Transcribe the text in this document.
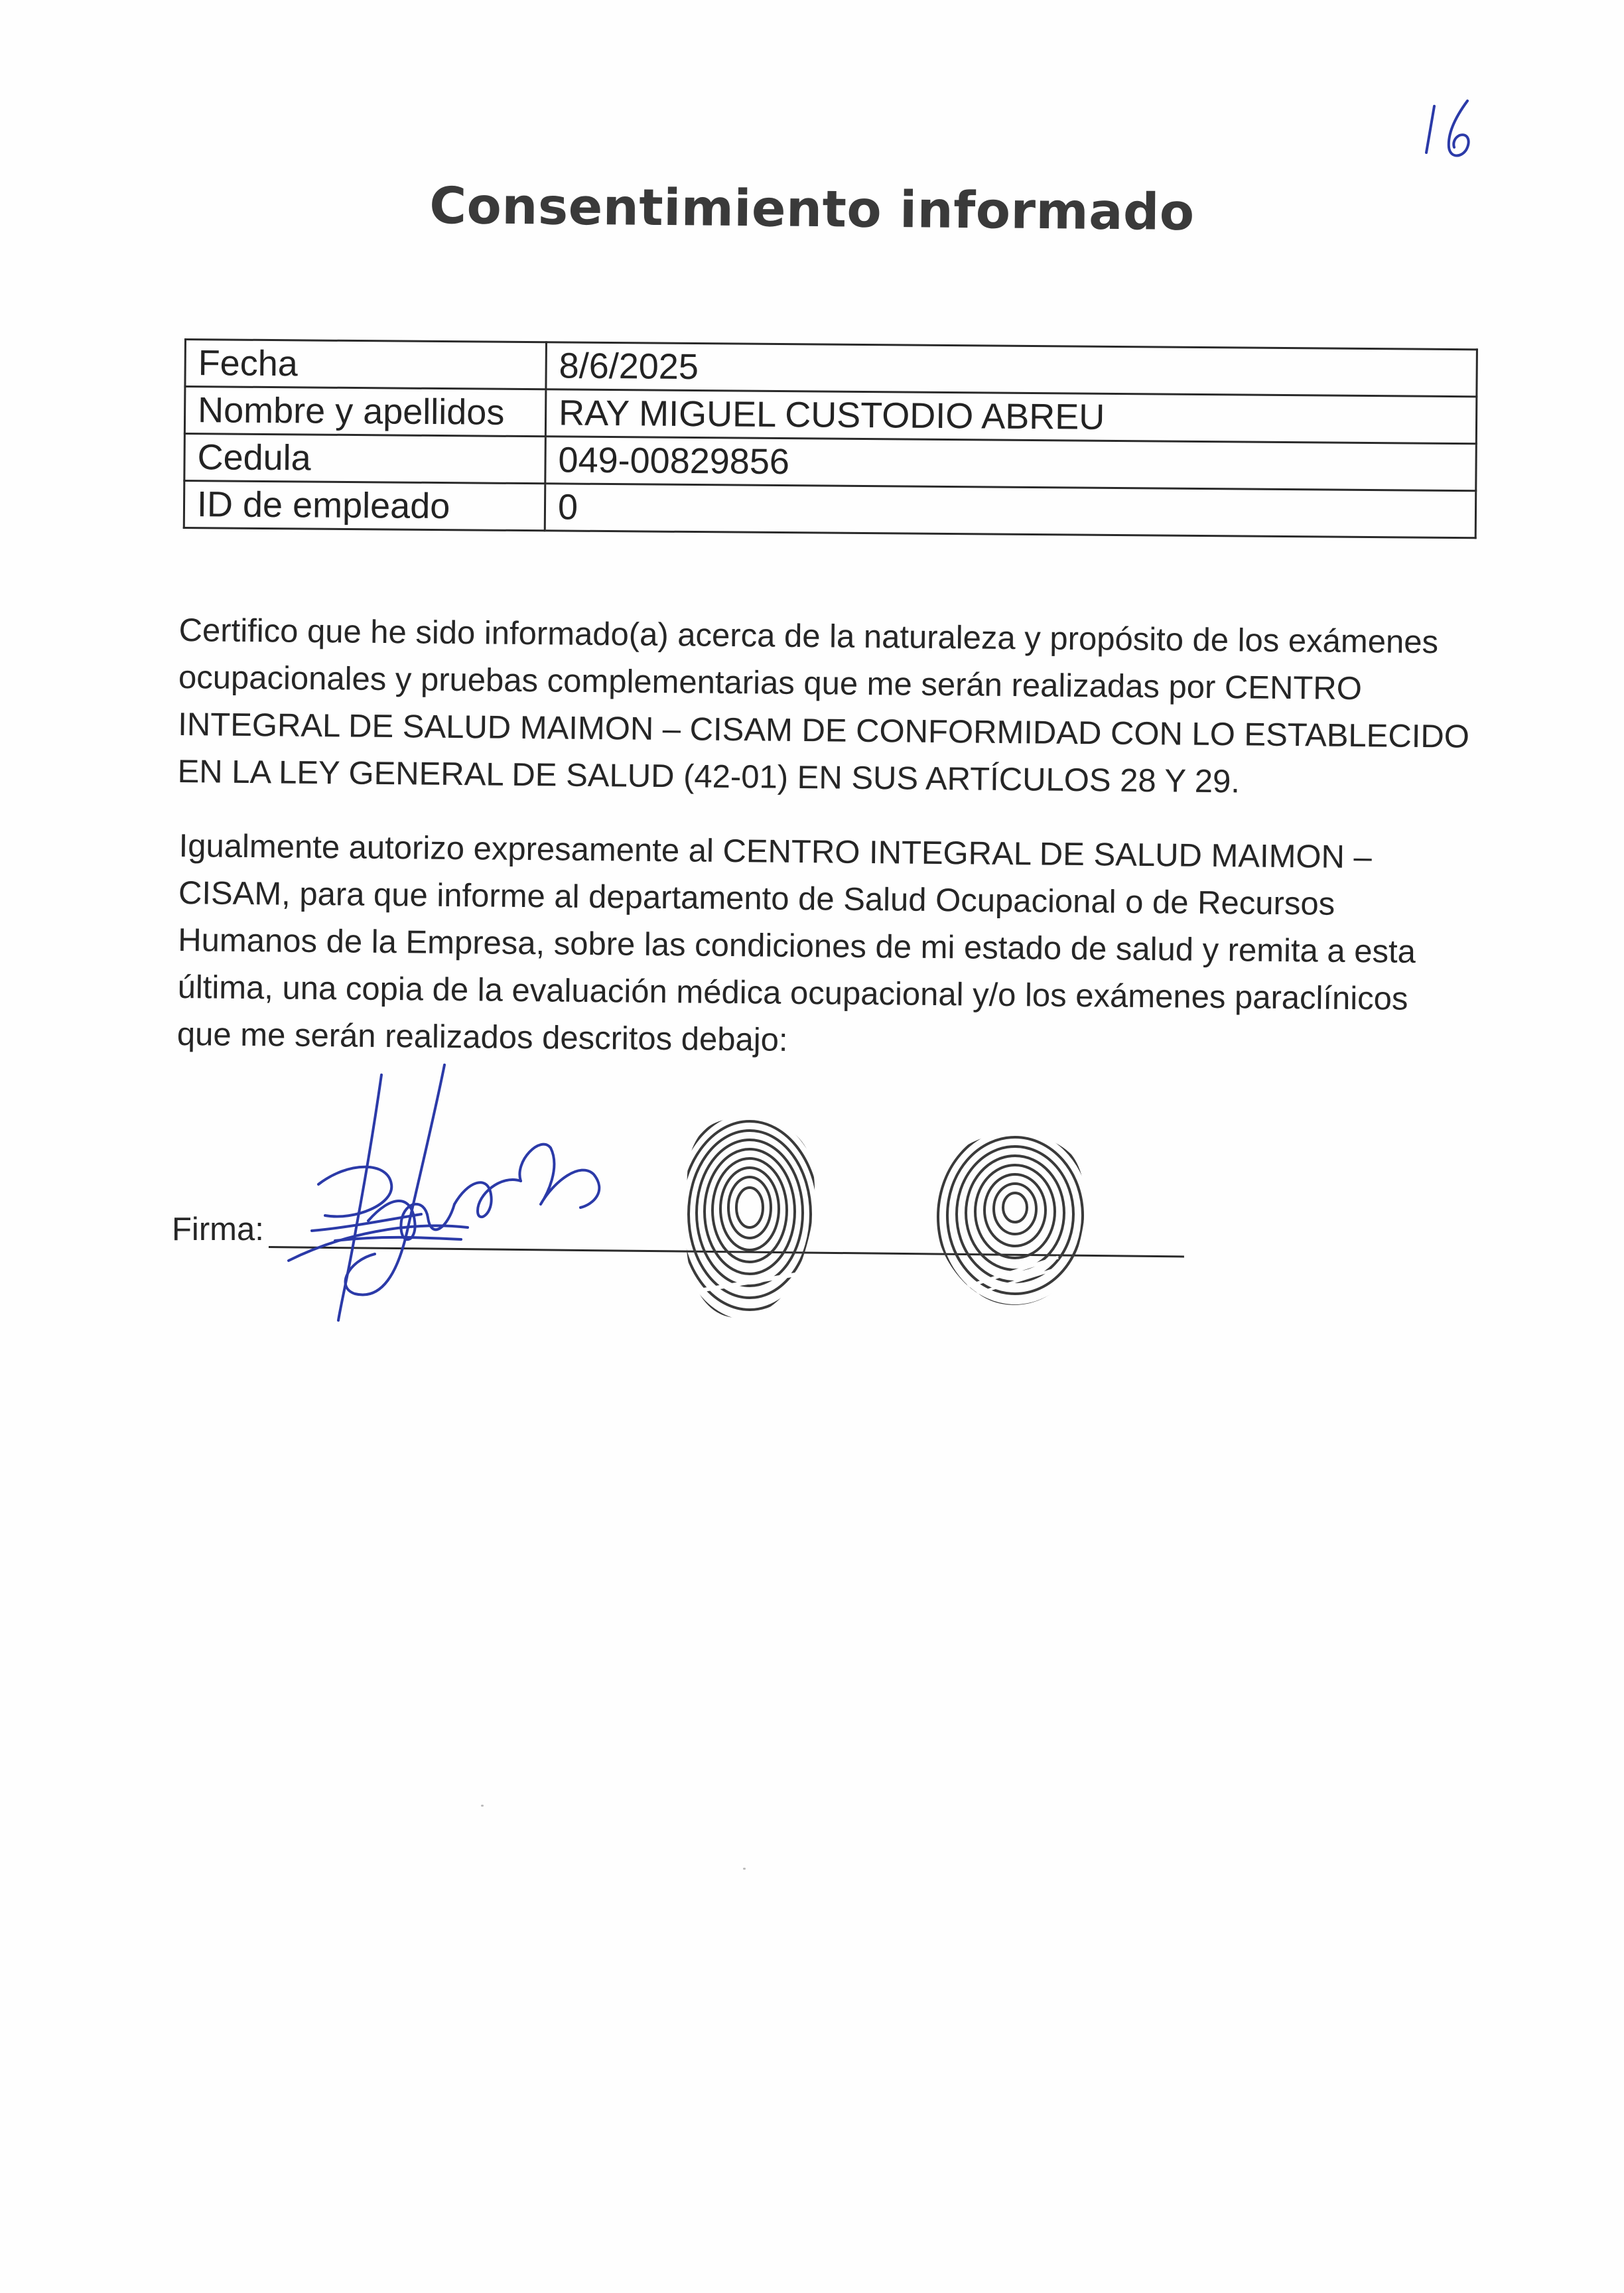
Consentimiento informado
Fecha	8/6/2025
Nombre y apellidos	RAY MIGUEL CUSTODIO ABREU
Cedula	049-00829856
ID de empleado	0
Certifico que he sido informado(a) acerca de la naturaleza y propósito de los exámenes ocupacionales y pruebas complementarias que me serán realizadas por CENTRO INTEGRAL DE SALUD MAIMON – CISAM DE CONFORMIDAD CON LO ESTABLECIDO EN LA LEY GENERAL DE SALUD (42-01) EN SUS ARTÍCULOS 28 Y 29.
Igualmente autorizo expresamente al CENTRO INTEGRAL DE SALUD MAIMON – CISAM, para que informe al departamento de Salud Ocupacional o de Recursos Humanos de la Empresa, sobre las condiciones de mi estado de salud y remita a esta última, una copia de la evaluación médica ocupacional y/o los exámenes paraclínicos que me serán realizados descritos debajo:
Firma:
